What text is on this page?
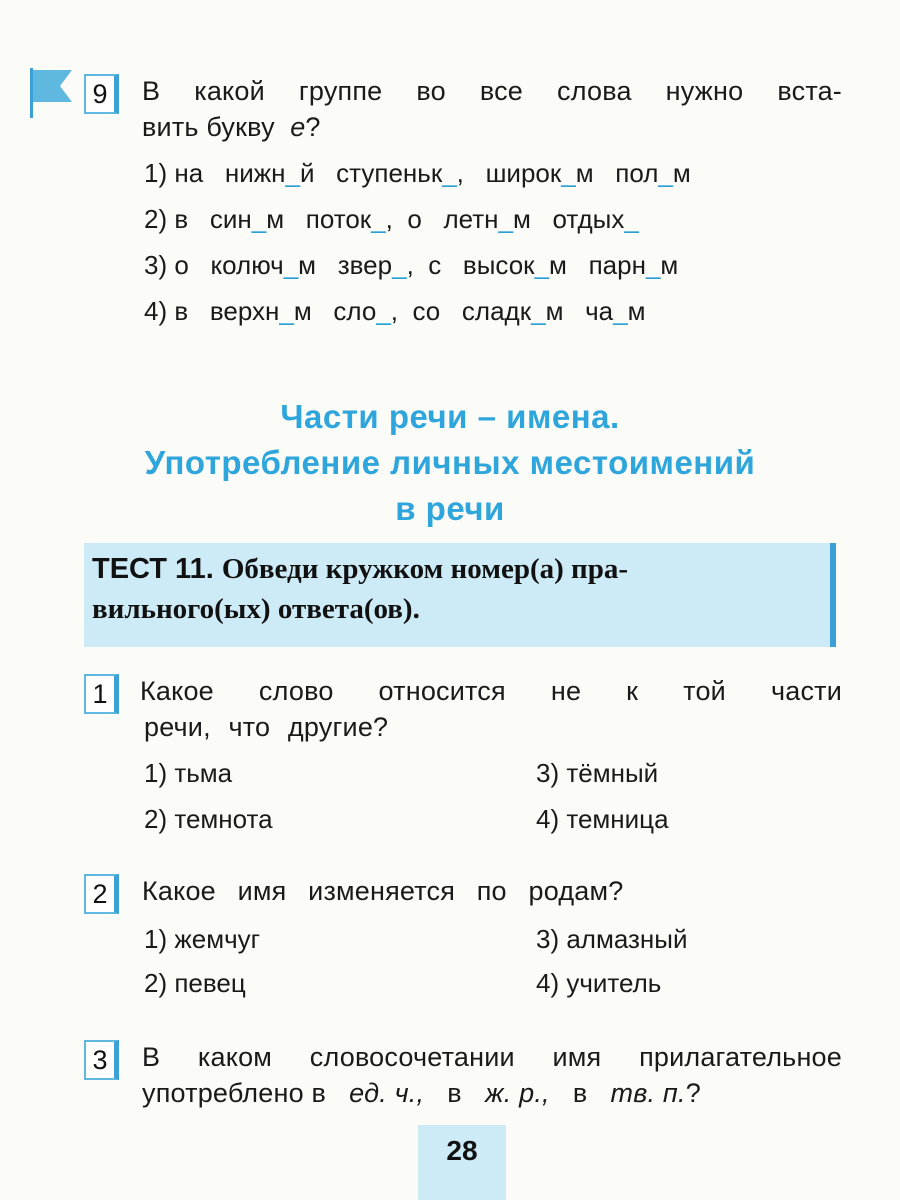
9	В какой группе во все слова нужно вста-
вить букву е?
1) на нижн_й ступеньк_, широк_м пол_м
2) в син_м поток_, о летн_м отдых_
3) о колюч_м звер_, с высок_м парн_м
4) в верхн_м сло_, со сладк_м ча_м
Части речи – имена.
Употребление личных местоимений
в речи
ТЕСТ 11. Обведи кружком номер(а) пра-
вильного(ых) ответа(ов).
1	Какое слово относится не к той части
речи, что другие?
1) тьма	3) тёмный
2) темнота	4) темница
2	Какое имя изменяется по родам?
1) жемчуг	3) алмазный
2) певец	4) учитель
3	В каком словосочетании имя прилагательное
употреблено в ед. ч., в ж. р., в тв. п.?
28
